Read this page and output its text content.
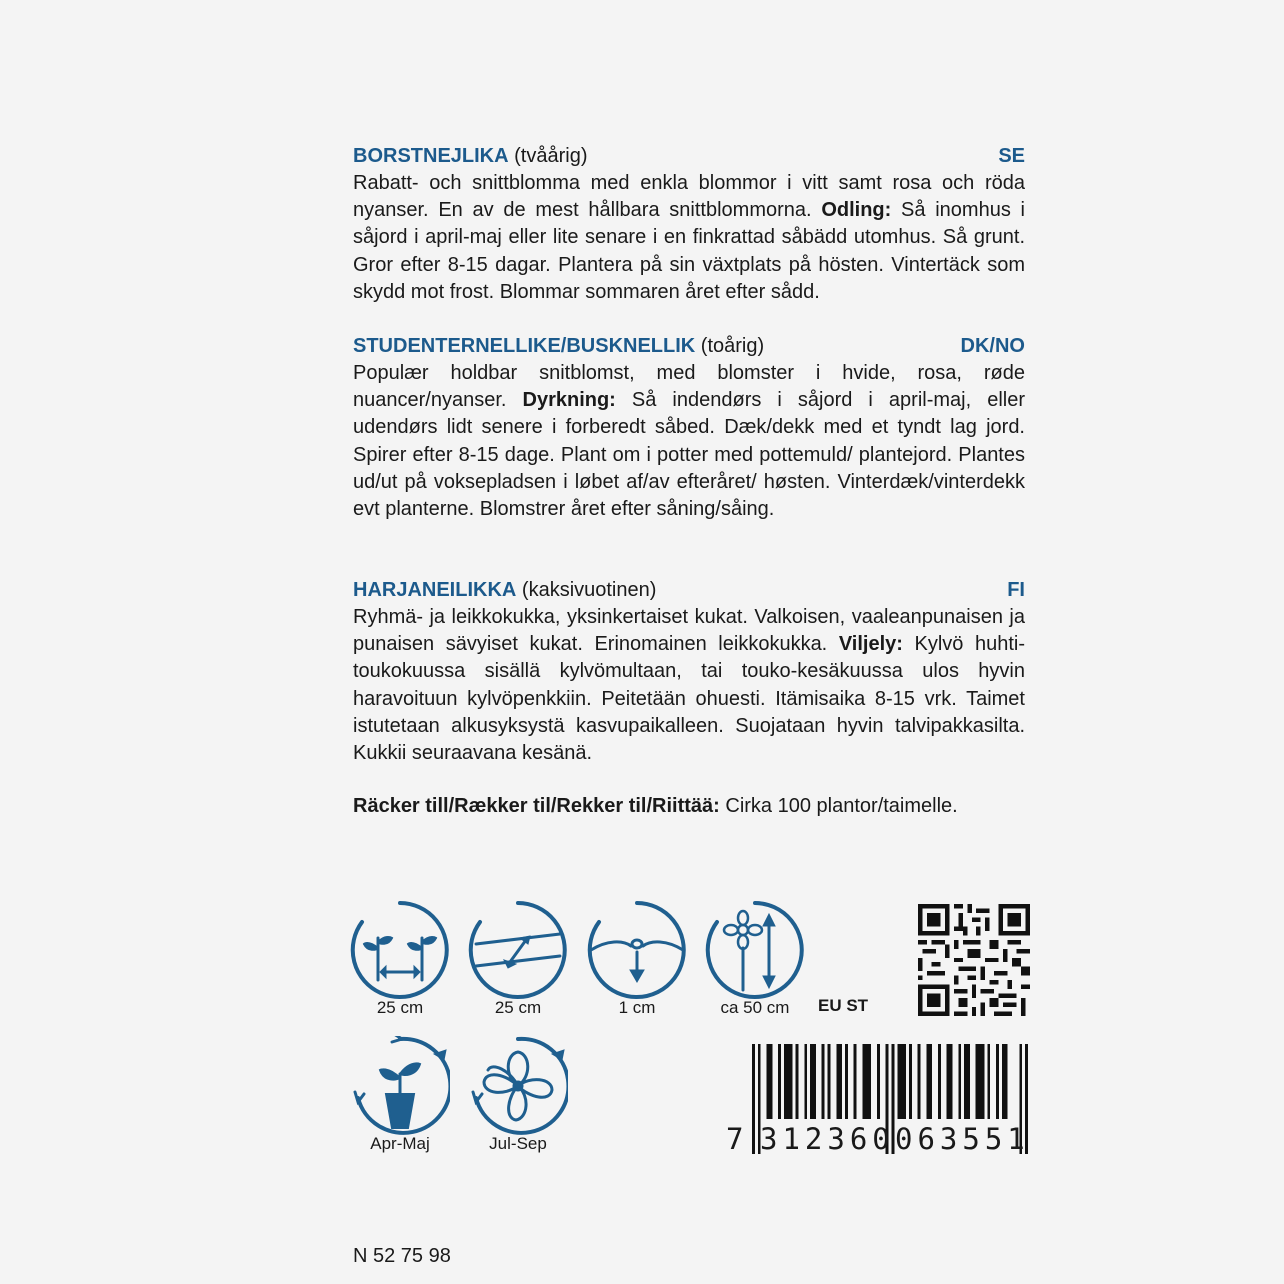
BORSTNEJLIKA (tvåårig)	SE

Rabatt- och snittblomma med enkla blommor i vitt samt rosa och röda nyanser. En av de mest hållbara snittblommorna. Odling: Så inomhus i såjord i april-maj eller lite senare i en finkrattad såbädd utomhus. Så grunt. Gror efter 8-15 dagar. Plantera på sin växtplats på hösten. Vintertäck som skydd mot frost. Blommar sommaren året efter sådd.

STUDENTERNELLIKE/BUSKNELLIK (toårig)	DK/NO

Populær holdbar snitblomst, med blomster i hvide, rosa, røde nuancer/nyanser. Dyrkning: Så indendørs i såjord i april-maj, eller udendørs lidt senere i forberedt såbed. Dæk/dekk med et tyndt lag jord. Spirer efter 8-15 dage. Plant om i potter med pottemuld/ plantejord. Plantes ud/ut på voksepladsen i løbet af/av efteråret/ høsten. Vinterdæk/vinterdekk evt planterne. Blomstrer året efter såning/såing.

HARJANEILIKKA (kaksivuotinen)	FI

Ryhmä- ja leikkokukka, yksinkertaiset kukat. Valkoisen, vaaleanpunaisen ja punaisen sävyiset kukat. Erinomainen leikkokukka. Viljely: Kylvö huhti-toukokuussa sisällä kylvömultaan, tai touko-kesäkuussa ulos hyvin haravoituun kylvöpenkkiin. Peitetään ohuesti. Itämisaika 8-15 vrk. Taimet istutetaan alkusyksystä kasvupaikalleen. Suojataan hyvin talvipakkasilta. Kukkii seuraavana kesänä.

Räcker till/Rækker til/Rekker til/Riittää: Cirka 100 plantor/taimelle.
25 cm	25 cm	1 cm	ca 50 cm	EU ST
Apr-Maj	Jul-Sep	7 312360 063551
N 52 75 98
